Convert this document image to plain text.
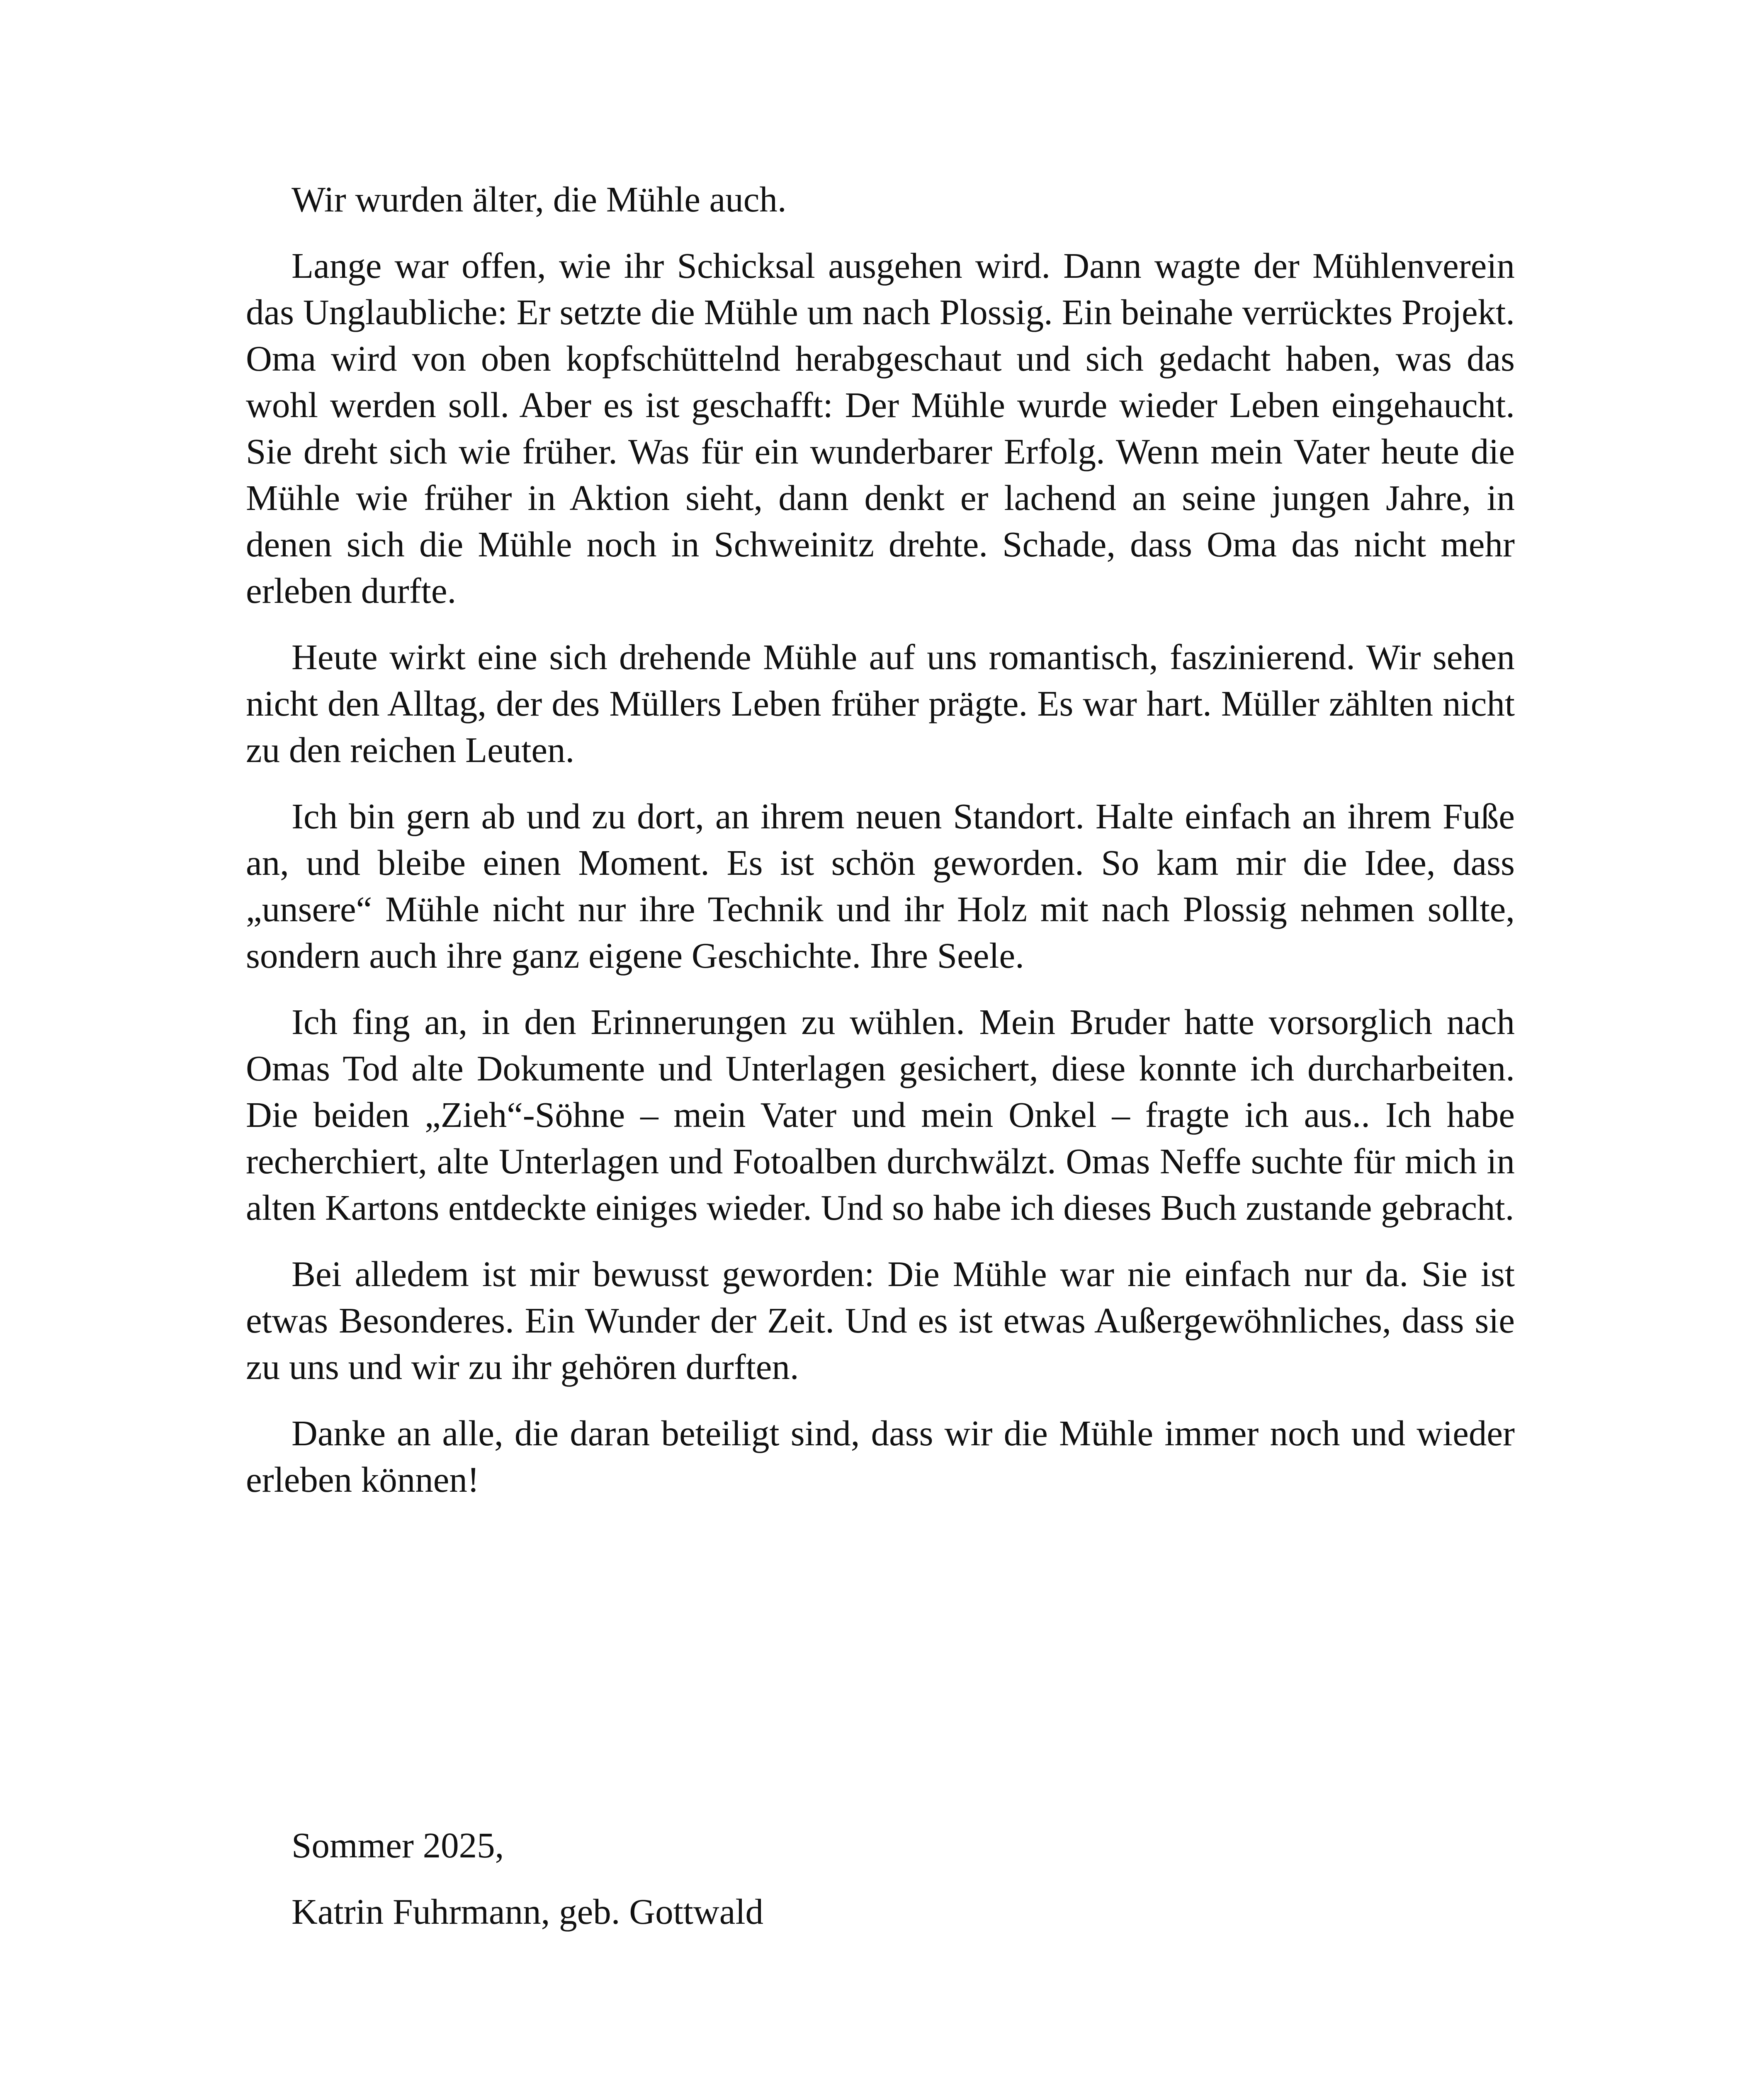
Wir wurden älter, die Mühle auch.

Lange war offen, wie ihr Schicksal ausgehen wird. Dann wagte der Mühlenverein das Unglaubliche: Er setzte die Mühle um nach Plossig. Ein beinahe verrücktes Projekt. Oma wird von oben kopfschüttelnd herabgeschaut und sich gedacht haben, was das wohl werden soll. Aber es ist geschafft: Der Mühle wurde wieder Leben eingehaucht. Sie dreht sich wie früher. Was für ein wunderbarer Erfolg. Wenn mein Vater heute die Mühle wie früher in Aktion sieht, dann denkt er lachend an seine jungen Jahre, in denen sich die Mühle noch in Schweinitz drehte. Schade, dass Oma das nicht mehr erleben durfte.

Heute wirkt eine sich drehende Mühle auf uns romantisch, faszinierend. Wir sehen nicht den Alltag, der des Müllers Leben früher prägte. Es war hart. Müller zählten nicht zu den reichen Leuten.

Ich bin gern ab und zu dort, an ihrem neuen Standort. Halte einfach an ihrem Fuße an, und bleibe einen Moment. Es ist schön geworden. So kam mir die Idee, dass „unsere“ Mühle nicht nur ihre Technik und ihr Holz mit nach Plossig nehmen sollte, sondern auch ihre ganz eigene Geschichte. Ihre Seele.

Ich fing an, in den Erinnerungen zu wühlen. Mein Bruder hatte vorsorglich nach Omas Tod alte Dokumente und Unterlagen gesichert, diese konnte ich durcharbeiten. Die beiden „Zieh“-Söhne – mein Vater und mein Onkel – fragte ich aus.. Ich habe recherchiert, alte Unterlagen und Fotoalben durchwälzt. Omas Neffe suchte für mich in alten Kartons entdeckte einiges wieder. Und so habe ich dieses Buch zustande gebracht.

Bei alledem ist mir bewusst geworden: Die Mühle war nie einfach nur da. Sie ist etwas Besonderes. Ein Wunder der Zeit. Und es ist etwas Außergewöhnliches, dass sie zu uns und wir zu ihr gehören durften.

Danke an alle, die daran beteiligt sind, dass wir die Mühle immer noch und wieder erleben können!

Sommer 2025,
Katrin Fuhrmann, geb. Gottwald
